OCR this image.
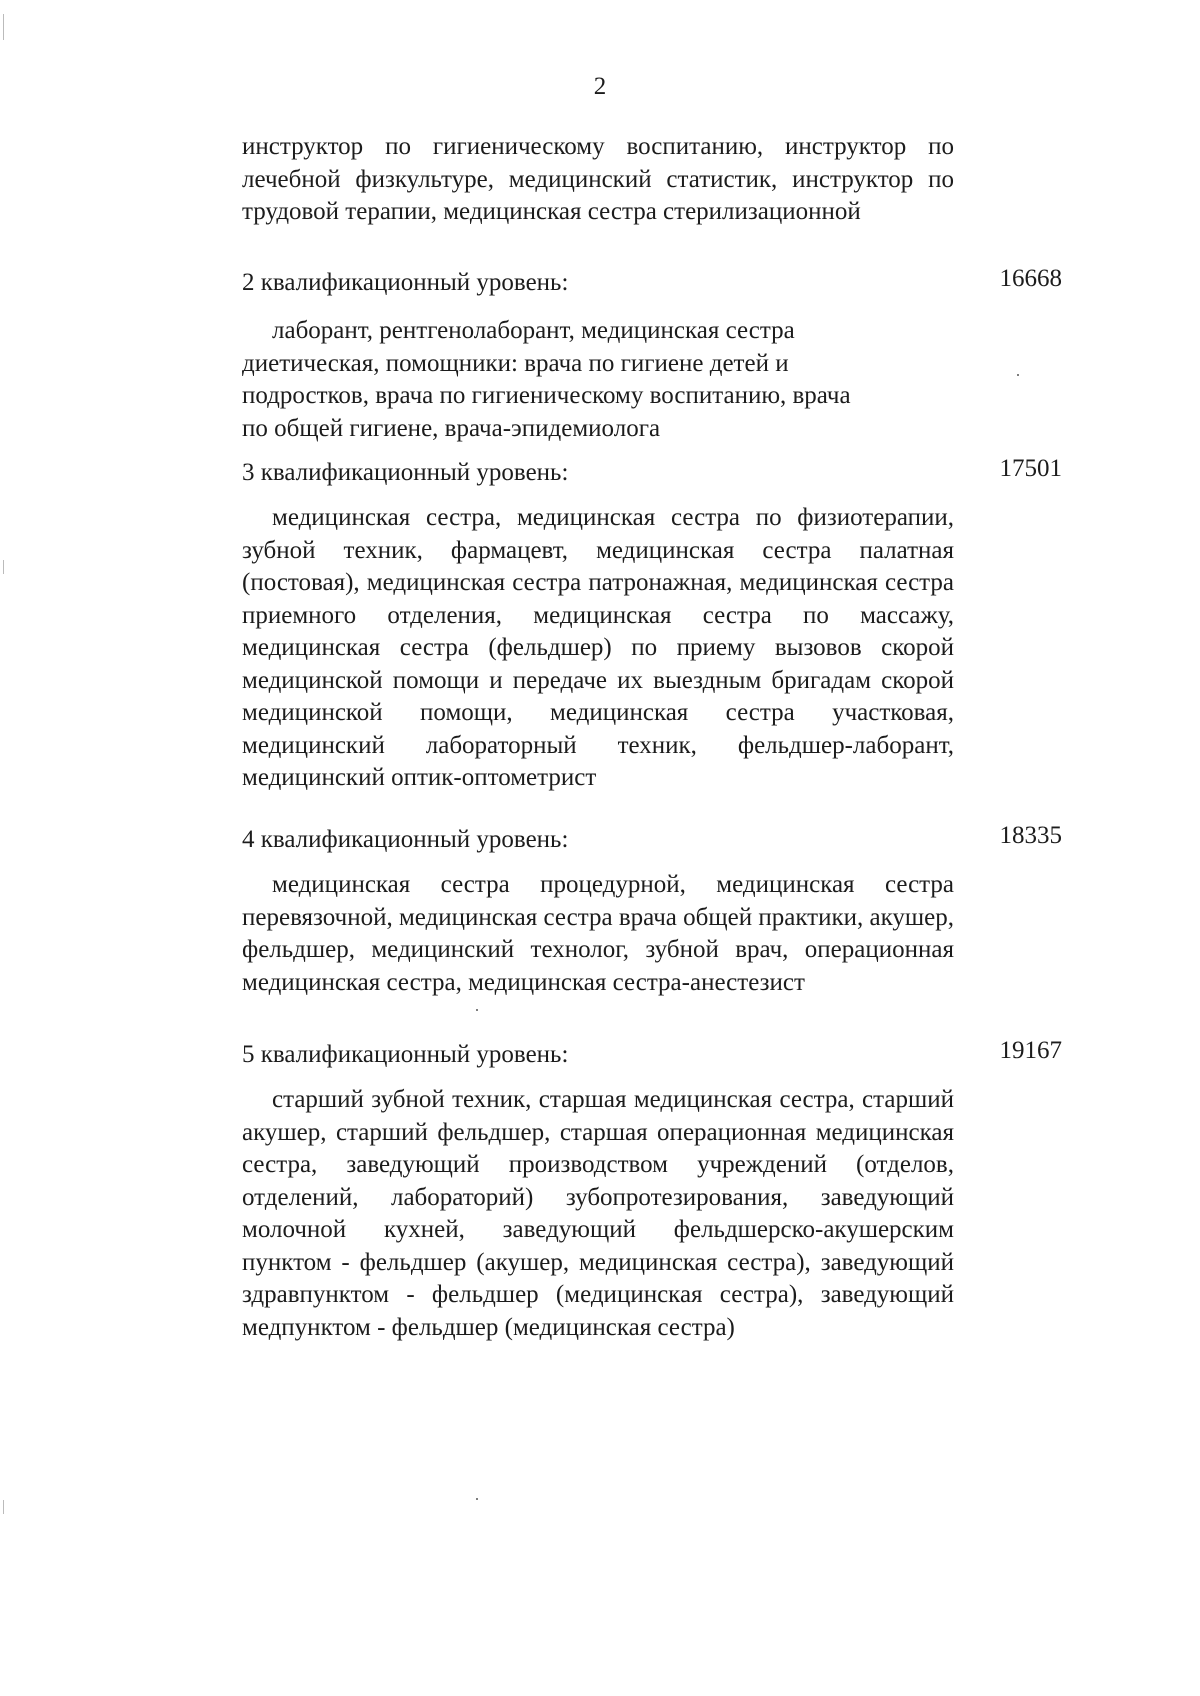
2
инструктор по гигиеническому воспитанию, инструктор по лечебной физкультуре, медицинский статистик, инструктор по трудовой терапии, медицинская сестра стерилизационной
2 квалификационный уровень:	16668
лаборант, рентгенолаборант, медицинская сестра
диетическая, помощники: врача по гигиене детей и
подростков, врача по гигиеническому воспитанию, врача
по общей гигиене, врача-эпидемиолога
3 квалификационный уровень:	17501
медицинская сестра, медицинская сестра по физиотерапии, зубной техник, фармацевт, медицинская сестра палатная (постовая), медицинская сестра патронажная, медицинская сестра приемного отделения, медицинская сестра по массажу, медицинская сестра (фельдшер) по приему вызовов скорой медицинской помощи и передаче их выездным бригадам скорой медицинской помощи, медицинская сестра участковая, медицинский лабораторный техник, фельдшер-лаборант, медицинский оптик-оптометрист
4 квалификационный уровень:	18335
медицинская сестра процедурной, медицинская сестра перевязочной, медицинская сестра врача общей практики, акушер, фельдшер, медицинский технолог, зубной врач, операционная медицинская сестра, медицинская сестра-анестезист
5 квалификационный уровень:	19167
старший зубной техник, старшая медицинская сестра, старший акушер, старший фельдшер, старшая операционная медицинская сестра, заведующий производством учреждений (отделов, отделений, лабораторий) зубопротезирования, заведующий молочной кухней, заведующий фельдшерско-акушерским пунктом - фельдшер (акушер, медицинская сестра), заведующий здравпунктом - фельдшер (медицинская сестра), заведующий медпунктом - фельдшер (медицинская сестра)
